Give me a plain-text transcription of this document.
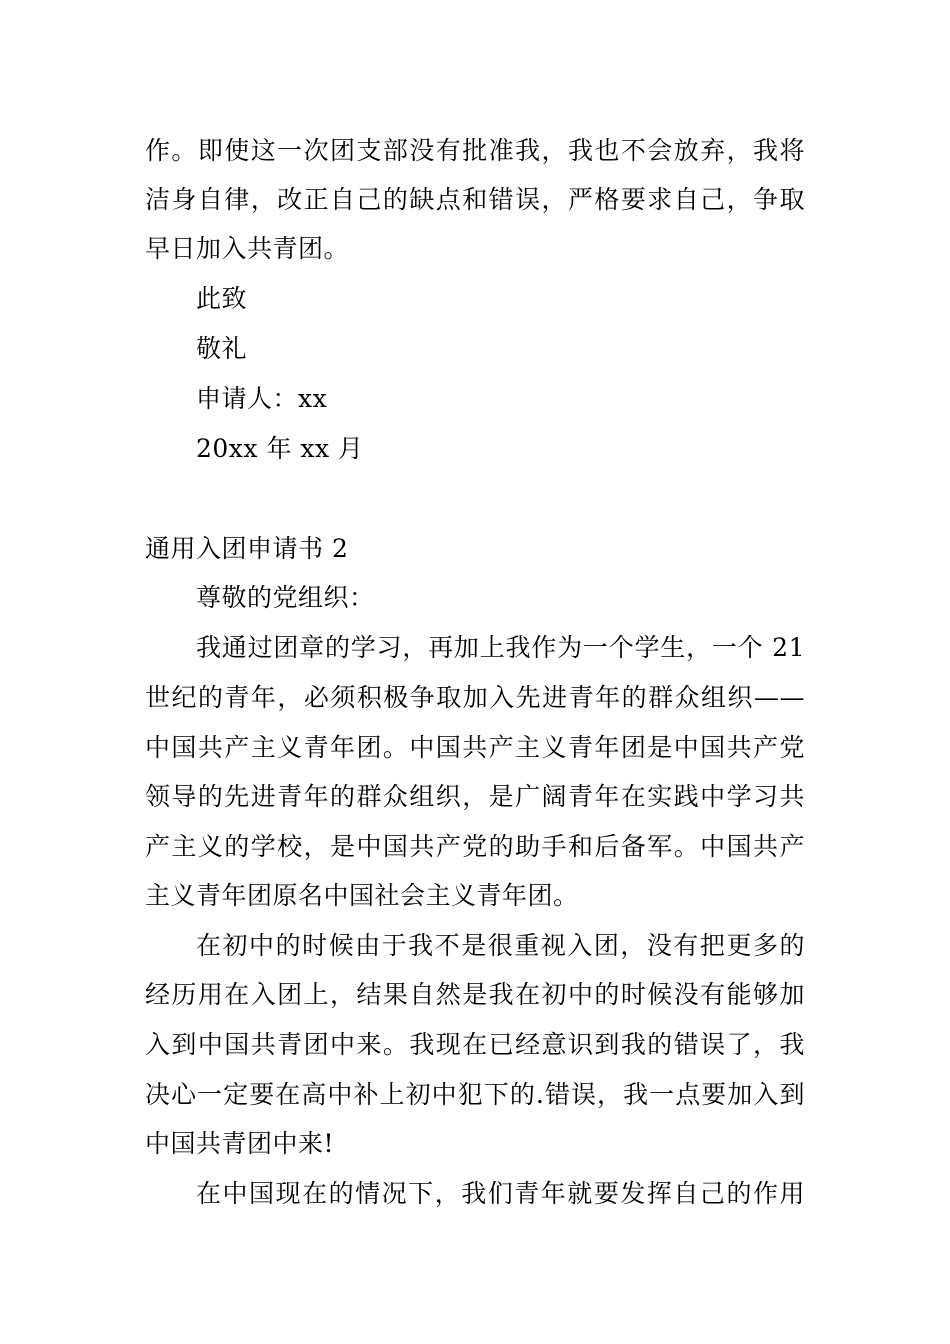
作。即使这一次团支部没有批准我，我也不会放弃，我将
洁身自律，改正自己的缺点和错误，严格要求自己，争取
早日加入共青团。
此致
敬礼
申请人：xx
20xx 年 xx 月
通用入团申请书 2
尊敬的党组织：
我通过团章的学习，再加上我作为一个学生，一个 21
世纪的青年，必须积极争取加入先进青年的群众组织——
中国共产主义青年团。中国共产主义青年团是中国共产党
领导的先进青年的群众组织，是广阔青年在实践中学习共
产主义的学校，是中国共产党的助手和后备军。中国共产
主义青年团原名中国社会主义青年团。
在初中的时候由于我不是很重视入团，没有把更多的
经历用在入团上，结果自然是我在初中的时候没有能够加
入到中国共青团中来。我现在已经意识到我的错误了，我
决心一定要在高中补上初中犯下的.错误，我一点要加入到
中国共青团中来!
在中国现在的情况下，我们青年就要发挥自己的作用
